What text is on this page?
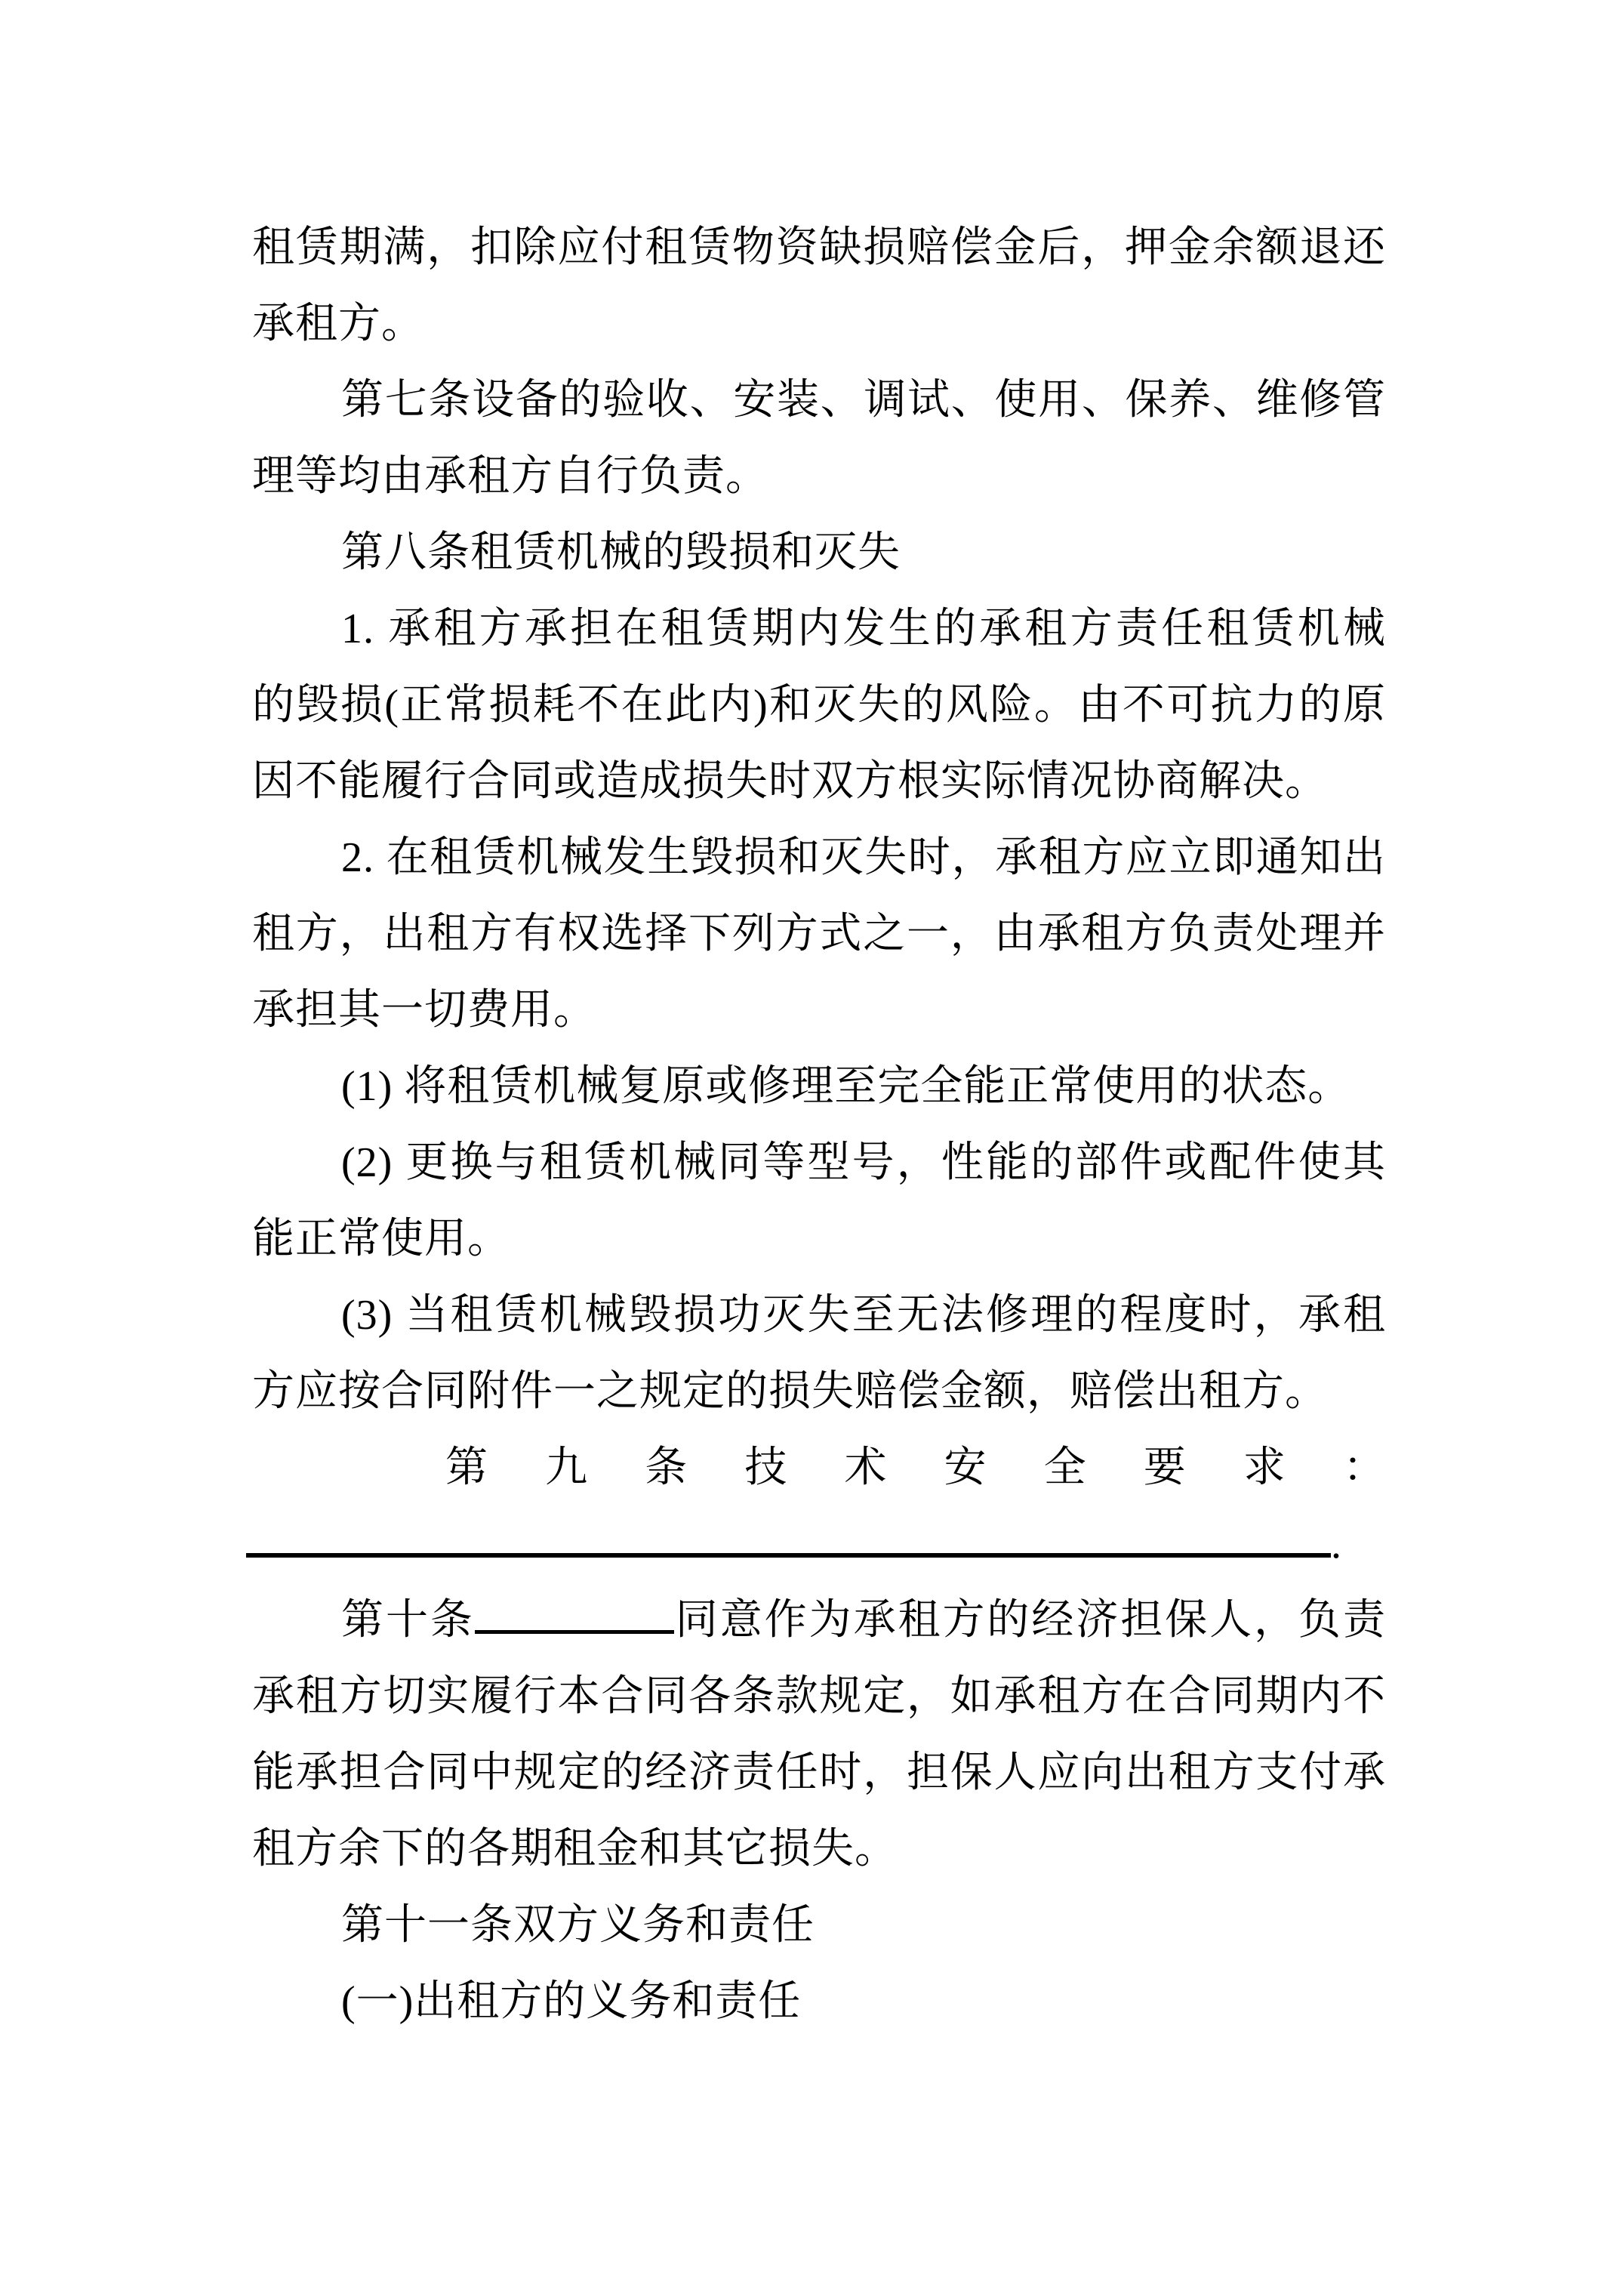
租赁期满，扣除应付租赁物资缺损赔偿金后，押金余额退还
承租方。
第七条设备的验收、安装、调试、使用、保养、维修管
理等均由承租方自行负责。
第八条租赁机械的毁损和灭失
1. 承租方承担在租赁期内发生的承租方责任租赁机械
的毁损(正常损耗不在此内)和灭失的风险。由不可抗力的原
因不能履行合同或造成损失时双方根实际情况协商解决。
2. 在租赁机械发生毁损和灭失时，承租方应立即通知出
租方，出租方有权选择下列方式之一，由承租方负责处理并
承担其一切费用。
(1) 将租赁机械复原或修理至完全能正常使用的状态。
(2) 更换与租赁机械同等型号，性能的部件或配件使其
能正常使用。
(3) 当租赁机械毁损功灭失至无法修理的程度时，承租
方应按合同附件一之规定的损失赔偿金额，赔偿出租方。
第九条技术安全要求：
.
第十条	同意作为承租方的经济担保人，负责
承租方切实履行本合同各条款规定，如承租方在合同期内不
能承担合同中规定的经济责任时，担保人应向出租方支付承
租方余下的各期租金和其它损失。
第十一条双方义务和责任
(一)出租方的义务和责任
